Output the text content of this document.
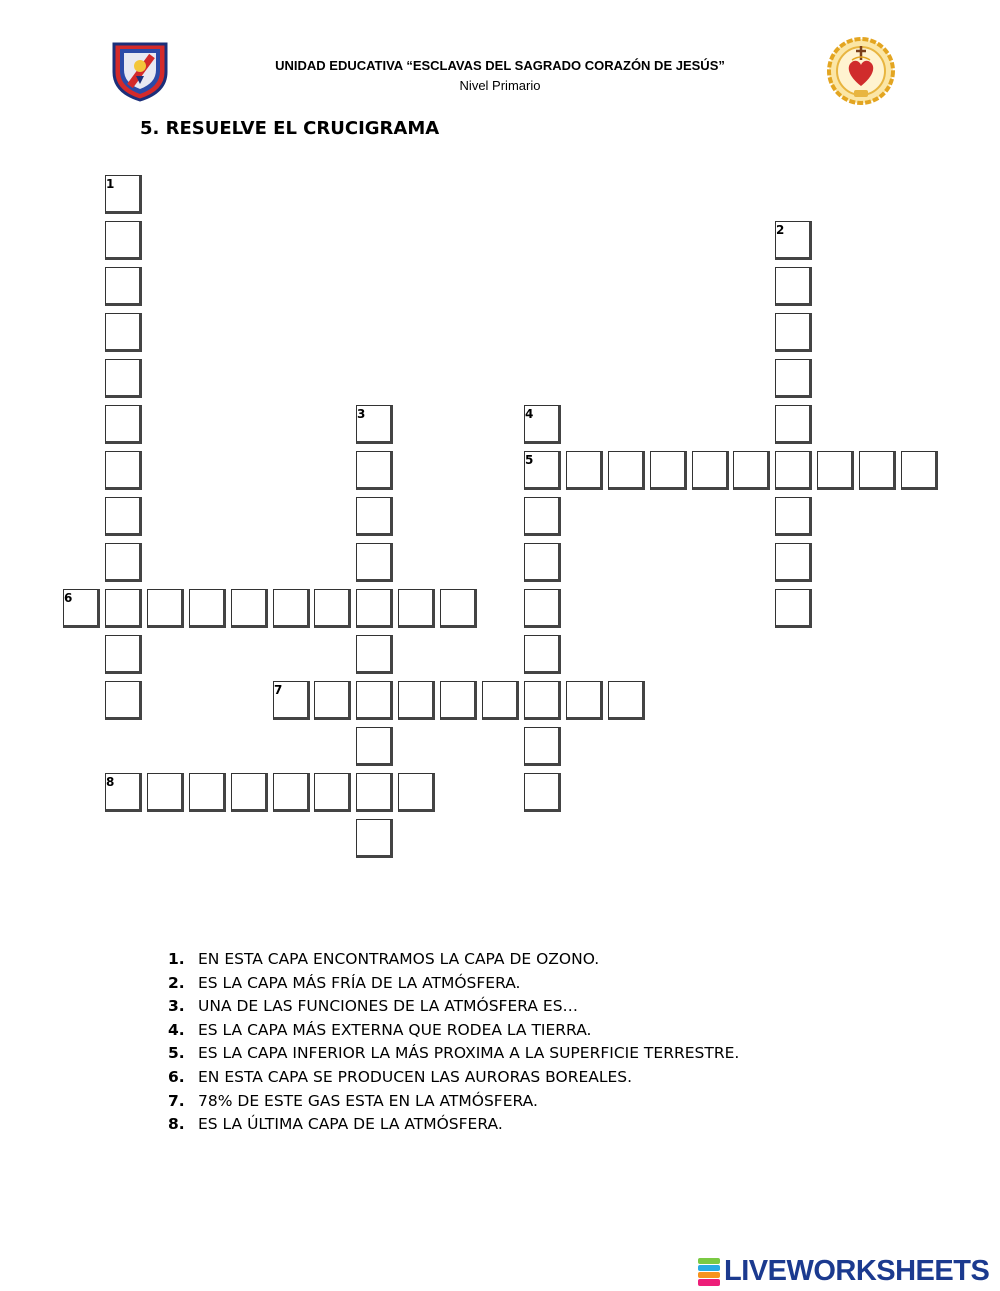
UNIDAD EDUCATIVA “ESCLAVAS DEL SAGRADO CORAZÓN DE JESÚS”
Nivel Primario
5. RESUELVE EL CRUCIGRAMA
1
2
3	4
5
6
7
8
1. EN ESTA CAPA ENCONTRAMOS LA CAPA DE OZONO.
2. ES LA CAPA MÁS FRÍA DE LA ATMÓSFERA.
3. UNA DE LAS FUNCIONES DE LA ATMÓSFERA ES…
4. ES LA CAPA MÁS EXTERNA QUE RODEA LA TIERRA.
5. ES LA CAPA INFERIOR LA MÁS PROXIMA A LA SUPERFICIE TERRESTRE.
6. EN ESTA CAPA SE PRODUCEN LAS AURORAS BOREALES.
7. 78% DE ESTE GAS ESTA EN LA ATMÓSFERA.
8. ES LA ÚLTIMA CAPA DE LA ATMÓSFERA.
LIVEWORKSHEETS
